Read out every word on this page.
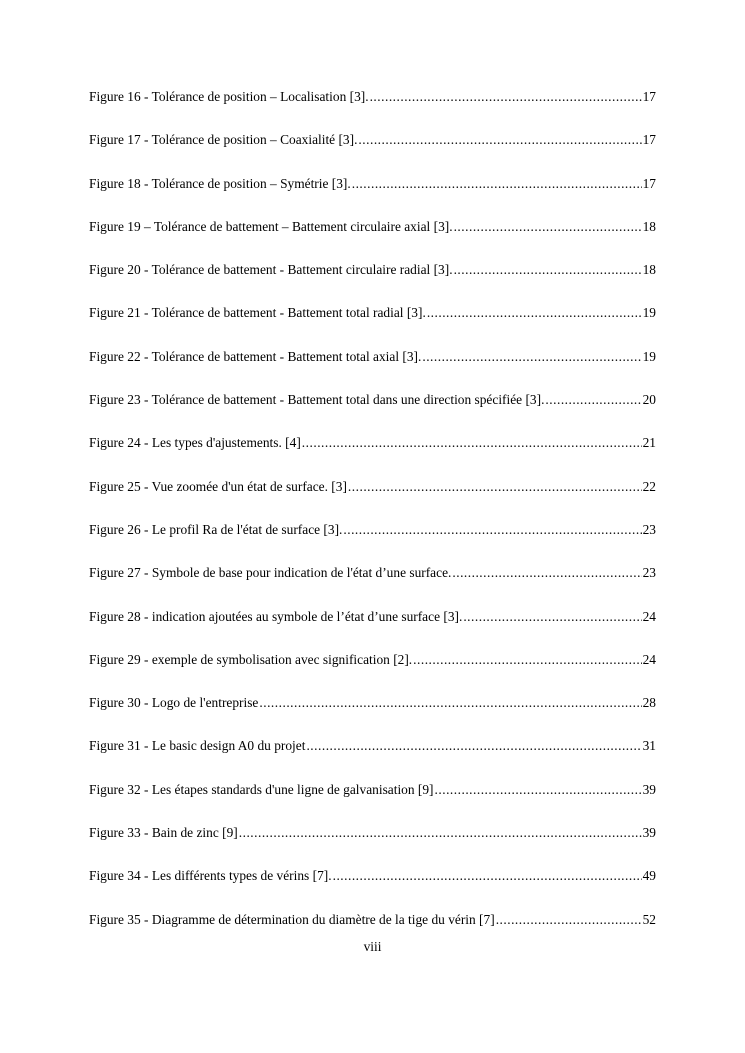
Figure 16 - Tolérance de position – Localisation [3]. .....	17
Figure 17 - Tolérance de position – Coaxialité [3]. .....	17
Figure 18 - Tolérance de position – Symétrie [3]. .....	17
Figure 19 – Tolérance de battement – Battement circulaire axial [3]. .....	18
Figure 20 - Tolérance de battement - Battement circulaire radial [3]. .....	18
Figure 21 - Tolérance de battement - Battement total radial [3]. .....	19
Figure 22 - Tolérance de battement - Battement total axial [3]. .....	19
Figure 23 - Tolérance de battement - Battement total dans une direction spécifiée [3]. .....	20
Figure 24 - Les types d'ajustements. [4] .....	21
Figure 25 - Vue zoomée d'un état de surface. [3] .....	22
Figure 26 - Le profil Ra de l'état de surface [3]. .....	23
Figure 27 - Symbole de base pour indication de l'état d’une surface. .....	23
Figure 28 - indication ajoutées au symbole de l’état d’une surface [3]. .....	24
Figure 29 - exemple de symbolisation avec signification [2]. .....	24
Figure 30 - Logo de l'entreprise .....	28
Figure 31 - Le basic design A0 du projet .....	31
Figure 32 - Les étapes standards d'une ligne de galvanisation [9] .....	39
Figure 33 - Bain de zinc [9] .....	39
Figure 34 - Les différents types de vérins [7]. .....	49
Figure 35 - Diagramme de détermination du diamètre de la tige du vérin [7] .....	52
viii
